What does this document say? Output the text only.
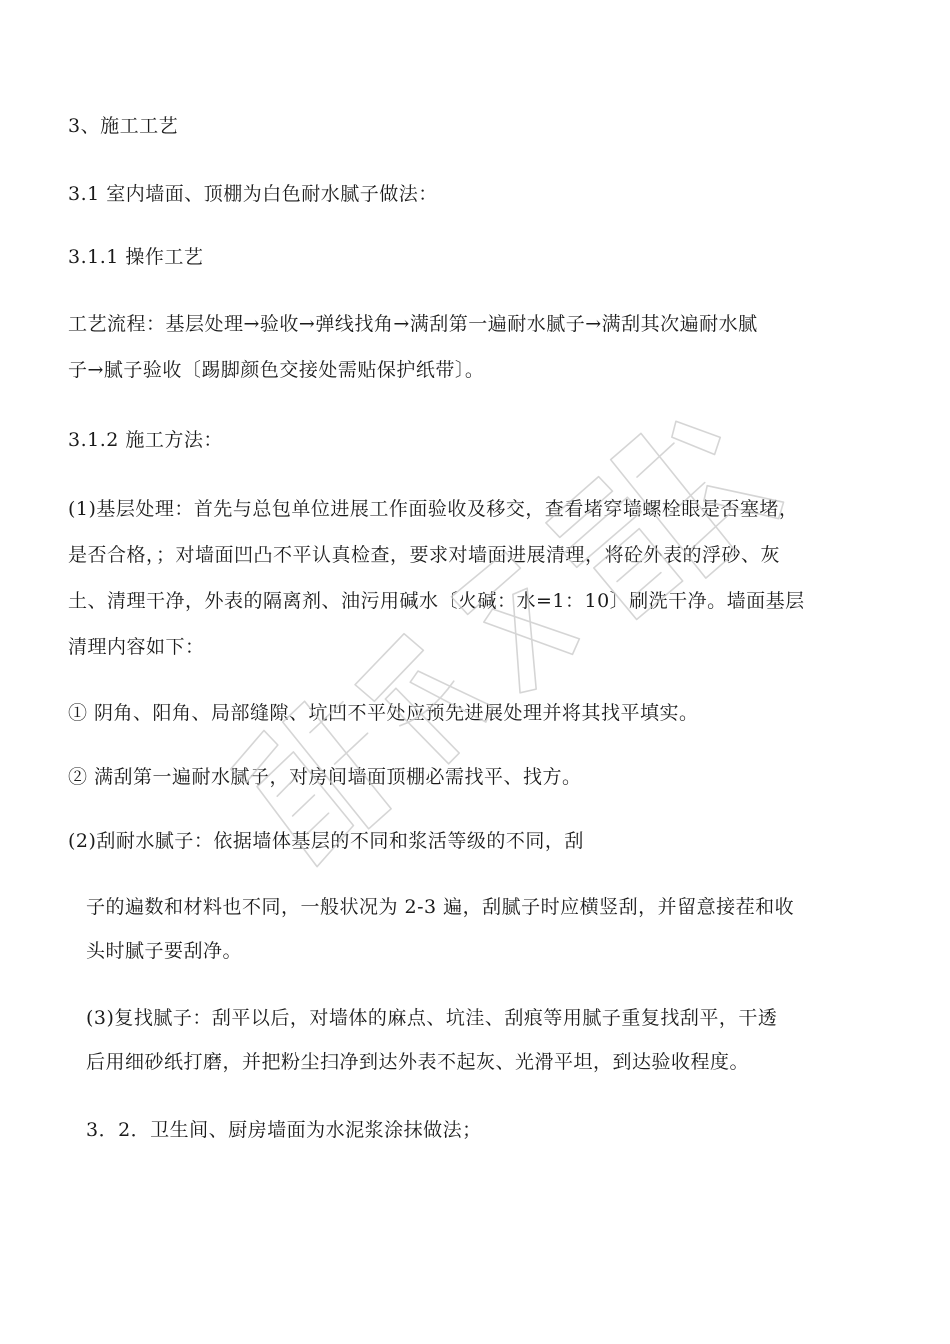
3、施工工艺
3.1 室内墙面、顶棚为白色耐水腻子做法：
3.1.1 操作工艺
工艺流程：基层处理→验收→弹线找角→满刮第一遍耐水腻子→满刮其次遍耐水腻
子→腻子验收〔踢脚颜色交接处需贴保护纸带〕。
3.1.2 施工方法：
(1)基层处理：首先与总包单位进展工作面验收及移交，查看堵穿墙螺栓眼是否塞堵，
是否合格，；对墙面凹凸不平认真检查，要求对墙面进展清理，将砼外表的浮砂、灰
土、清理干净，外表的隔离剂、油污用碱水〔火碱：水=1：10〕刷洗干净。墙面基层
清理内容如下：
① 阴角、阳角、局部缝隙、坑凹不平处应预先进展处理并将其找平填实。
② 满刮第一遍耐水腻子，对房间墙面顶棚必需找平、找方。
(2)刮耐水腻子：依据墙体基层的不同和浆活等级的不同，刮
子的遍数和材料也不同，一般状况为 2-3 遍，刮腻子时应横竖刮，并留意接茬和收
头时腻子要刮净。
(3)复找腻子：刮平以后，对墙体的麻点、坑洼、刮痕等用腻子重复找刮平，干透
后用细砂纸打磨，并把粉尘扫净到达外表不起灰、光滑平坦，到达验收程度。
3．2．卫生间、厨房墙面为水泥浆涂抹做法；
